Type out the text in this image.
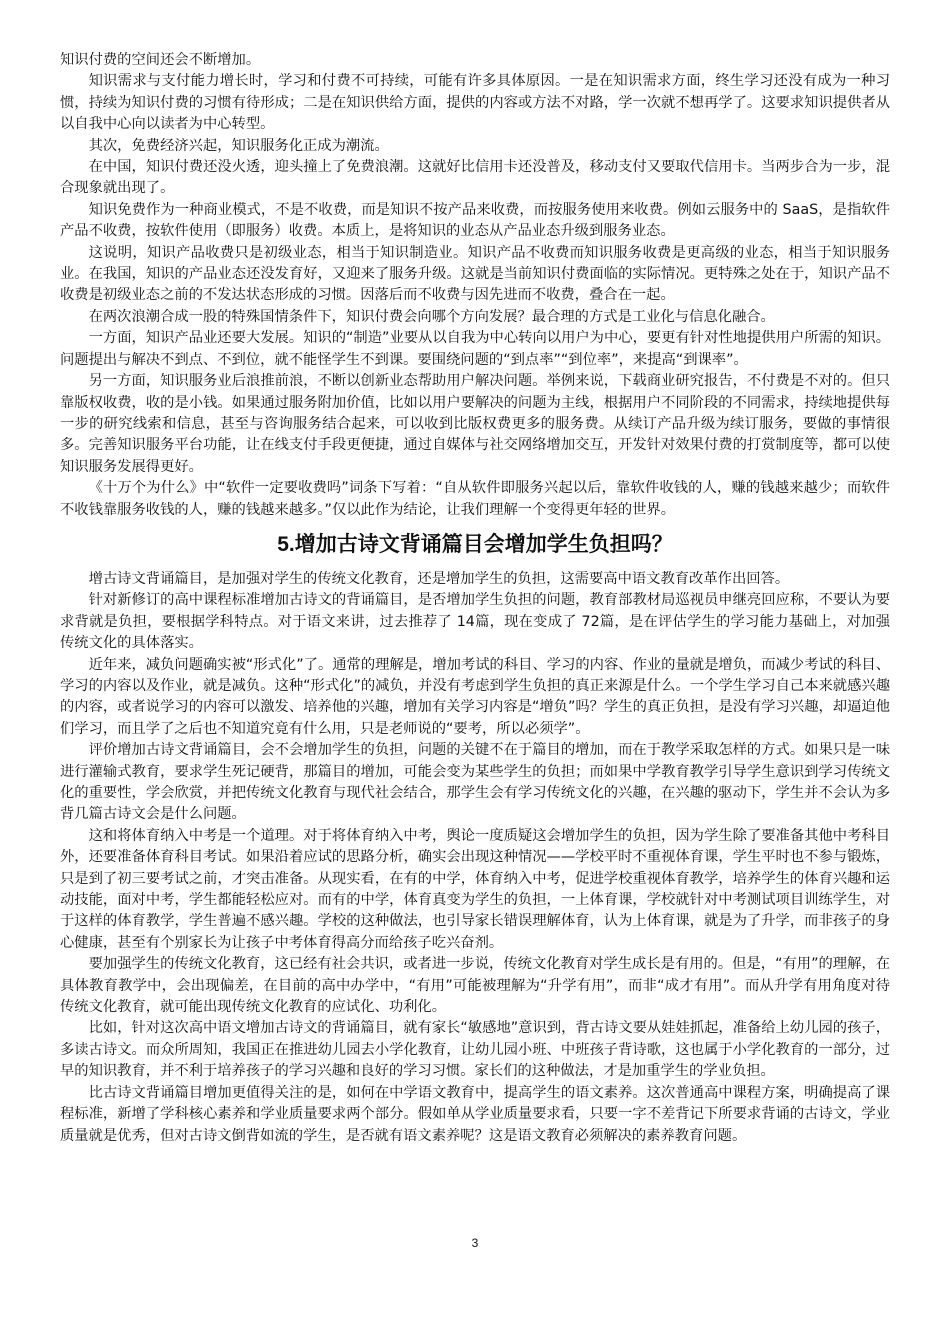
知识付费的空间还会不断增加。

知识需求与支付能力增长时，学习和付费不可持续，可能有许多具体原因。一是在知识需求方面，终生学习还没有成为一种习惯，持续为知识付费的习惯有待形成；二是在知识供给方面，提供的内容或方法不对路，学一次就不想再学了。这要求知识提供者从以自我中心向以读者为中心转型。

其次，免费经济兴起，知识服务化正成为潮流。

在中国，知识付费还没火透，迎头撞上了免费浪潮。这就好比信用卡还没普及，移动支付又要取代信用卡。当两步合为一步，混合现象就出现了。

知识免费作为一种商业模式，不是不收费，而是知识不按产品来收费，而按服务使用来收费。例如云服务中的 SaaS，是指软件产品不收费，按软件使用（即服务）收费。本质上，是将知识的业态从产品业态升级到服务业态。

这说明，知识产品收费只是初级业态，相当于知识制造业。知识产品不收费而知识服务收费是更高级的业态，相当于知识服务业。在我国，知识的产品业态还没发育好，又迎来了服务升级。这就是当前知识付费面临的实际情况。更特殊之处在于，知识产品不收费是初级业态之前的不发达状态形成的习惯。因落后而不收费与因先进而不收费，叠合在一起。

在两次浪潮合成一股的特殊国情条件下，知识付费会向哪个方向发展？最合理的方式是工业化与信息化融合。

一方面，知识产品业还要大发展。知识的“制造”业要从以自我为中心转向以用户为中心，要更有针对性地提供用户所需的知识。问题提出与解决不到点、不到位，就不能怪学生不到课。要围绕问题的“到点率”“到位率”，来提高“到课率”。

另一方面，知识服务业后浪推前浪，不断以创新业态帮助用户解决问题。举例来说，下载商业研究报告，不付费是不对的。但只靠版权收费，收的是小钱。如果通过服务附加价值，比如以用户要解决的问题为主线，根据用户不同阶段的不同需求，持续地提供每一步的研究线索和信息，甚至与咨询服务结合起来，可以收到比版权费更多的服务费。从续订产品升级为续订服务，要做的事情很多。完善知识服务平台功能，让在线支付手段更便捷，通过自媒体与社交网络增加交互，开发针对效果付费的打赏制度等，都可以使知识服务发展得更好。

《十万个为什么》中“软件一定要收费吗”词条下写着：“自从软件即服务兴起以后，靠软件收钱的人，赚的钱越来越少；而软件不收钱靠服务收钱的人，赚的钱越来越多。”仅以此作为结论，让我们理解一个变得更年轻的世界。

5.增加古诗文背诵篇目会增加学生负担吗？

增古诗文背诵篇目，是加强对学生的传统文化教育，还是增加学生的负担，这需要高中语文教育改革作出回答。

针对新修订的高中课程标准增加古诗文的背诵篇目，是否增加学生负担的问题，教育部教材局巡视员申继亮回应称，不要认为要求背就是负担，要根据学科特点。对于语文来讲，过去推荐了 14篇，现在变成了 72篇，是在评估学生的学习能力基础上，对加强传统文化的具体落实。

近年来，减负问题确实被“形式化”了。通常的理解是，增加考试的科目、学习的内容、作业的量就是增负，而减少考试的科目、学习的内容以及作业，就是减负。这种“形式化”的减负，并没有考虑到学生负担的真正来源是什么。一个学生学习自己本来就感兴趣的内容，或者说学习的内容可以激发、培养他的兴趣，增加有关学习内容是“增负”吗？学生的真正负担，是没有学习兴趣，却逼迫他们学习，而且学了之后也不知道究竟有什么用，只是老师说的“要考，所以必须学”。

评价增加古诗文背诵篇目，会不会增加学生的负担，问题的关键不在于篇目的增加，而在于教学采取怎样的方式。如果只是一味进行灌输式教育，要求学生死记硬背，那篇目的增加，可能会变为某些学生的负担；而如果中学教育教学引导学生意识到学习传统文化的重要性，学会欣赏，并把传统文化教育与现代社会结合，那学生会有学习传统文化的兴趣，在兴趣的驱动下，学生并不会认为多背几篇古诗文会是什么问题。

这和将体育纳入中考是一个道理。对于将体育纳入中考，舆论一度质疑这会增加学生的负担，因为学生除了要准备其他中考科目外，还要准备体育科目考试。如果沿着应试的思路分析，确实会出现这种情况——学校平时不重视体育课，学生平时也不参与锻炼，只是到了初三要考试之前，才突击准备。从现实看，在有的中学，体育纳入中考，促进学校重视体育教学，培养学生的体育兴趣和运动技能，面对中考，学生都能轻松应对。而有的中学，体育真变为学生的负担，一上体育课，学校就针对中考测试项目训练学生，对于这样的体育教学，学生普遍不感兴趣。学校的这种做法，也引导家长错误理解体育，认为上体育课，就是为了升学，而非孩子的身心健康，甚至有个别家长为让孩子中考体育得高分而给孩子吃兴奋剂。

要加强学生的传统文化教育，这已经有社会共识，或者进一步说，传统文化教育对学生成长是有用的。但是，“有用”的理解，在具体教育教学中，会出现偏差，在目前的高中办学中，“有用”可能被理解为“升学有用”，而非“成才有用”。而从升学有用角度对待传统文化教育，就可能出现传统文化教育的应试化、功利化。

比如，针对这次高中语文增加古诗文的背诵篇目，就有家长“敏感地”意识到，背古诗文要从娃娃抓起，准备给上幼儿园的孩子，多读古诗文。而众所周知，我国正在推进幼儿园去小学化教育，让幼儿园小班、中班孩子背诗歌，这也属于小学化教育的一部分，过早的知识教育，并不利于培养孩子的学习兴趣和良好的学习习惯。家长们的这种做法，才是加重学生的学业负担。

比古诗文背诵篇目增加更值得关注的是，如何在中学语文教育中，提高学生的语文素养。这次普通高中课程方案，明确提高了课程标准，新增了学科核心素养和学业质量要求两个部分。假如单从学业质量要求看，只要一字不差背记下所要求背诵的古诗文，学业质量就是优秀，但对古诗文倒背如流的学生，是否就有语文素养呢？这是语文教育必须解决的素养教育问题。

3
